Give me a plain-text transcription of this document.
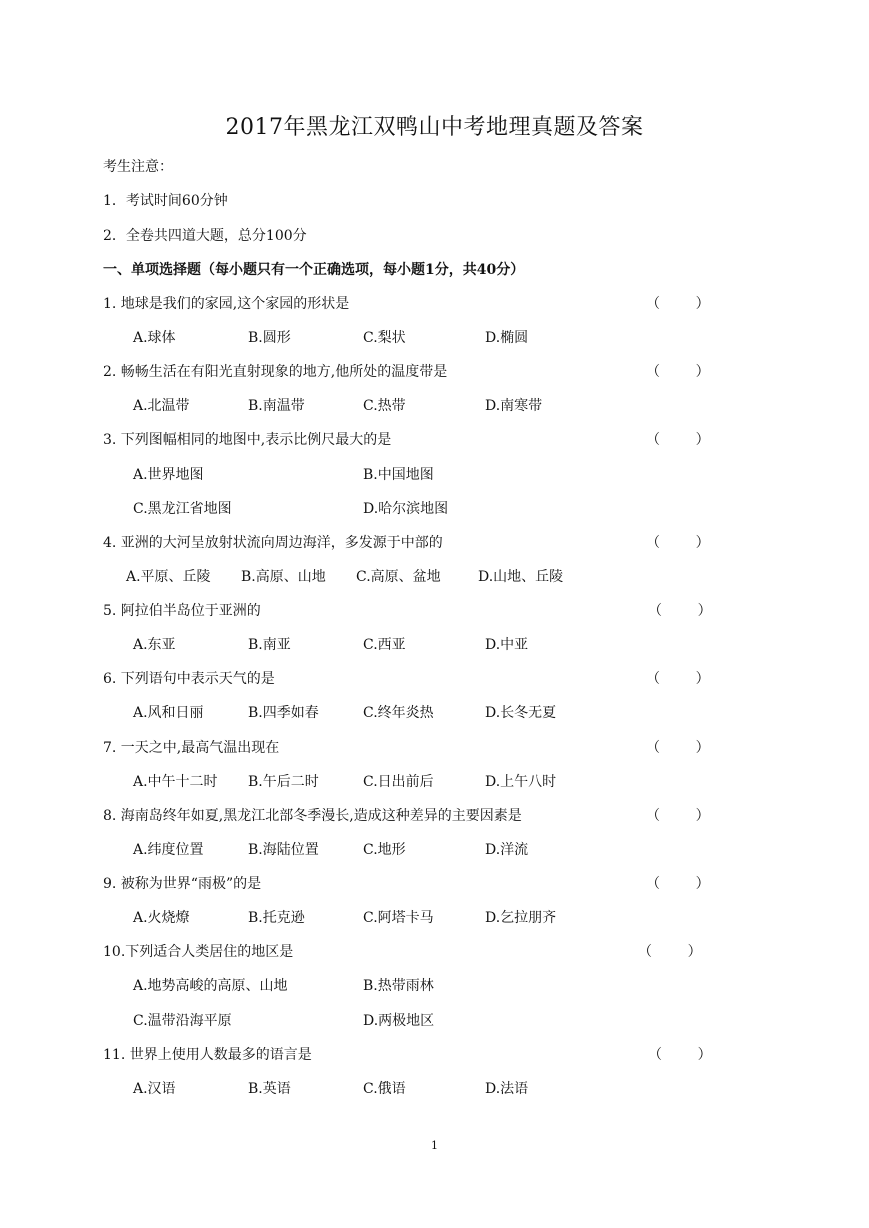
2017年黑龙江双鸭山中考地理真题及答案
考生注意：
1．考试时间60分钟
2．全卷共四道大题，总分100分
一、单项选择题（每小题只有一个正确选项，每小题1分，共40分）
1. 地球是我们的家园,这个家园的形状是	（        ）
A.球体	B.圆形	C.梨状	D.椭圆
2. 畅畅生活在有阳光直射现象的地方,他所处的温度带是	（        ）
A.北温带	B.南温带	C.热带	D.南寒带
3. 下列图幅相同的地图中,表示比例尺最大的是	（        ）
A.世界地图	B.中国地图
C.黑龙江省地图	D.哈尔滨地图
4. 亚洲的大河呈放射状流向周边海洋，多发源于中部的	（        ）
A.平原、丘陵 B.高原、山地 C.高原、盆地	D.山地、丘陵
5. 阿拉伯半岛位于亚洲的	（        ）
A.东亚	B.南亚	C.西亚	D.中亚
6. 下列语句中表示天气的是	（        ）
A.风和日丽	B.四季如春	C.终年炎热	D.长冬无夏
7. 一天之中,最高气温出现在	（        ）
A.中午十二时 B.午后二时	C.日出前后	D.上午八时
8. 海南岛终年如夏,黑龙江北部冬季漫长,造成这种差异的主要因素是	（        ）
A.纬度位置	B.海陆位置	C.地形	D.洋流
9. 被称为世界“雨极”的是	（        ）
A.火烧燎	B.托克逊	C.阿塔卡马	D.乞拉朋齐
10.下列适合人类居住的地区是	（        ）
A.地势高峻的高原、山地	B.热带雨林
C.温带沿海平原	D.两极地区
11. 世界上使用人数最多的语言是	（        ）
A.汉语	B.英语	C.俄语	D.法语
1
